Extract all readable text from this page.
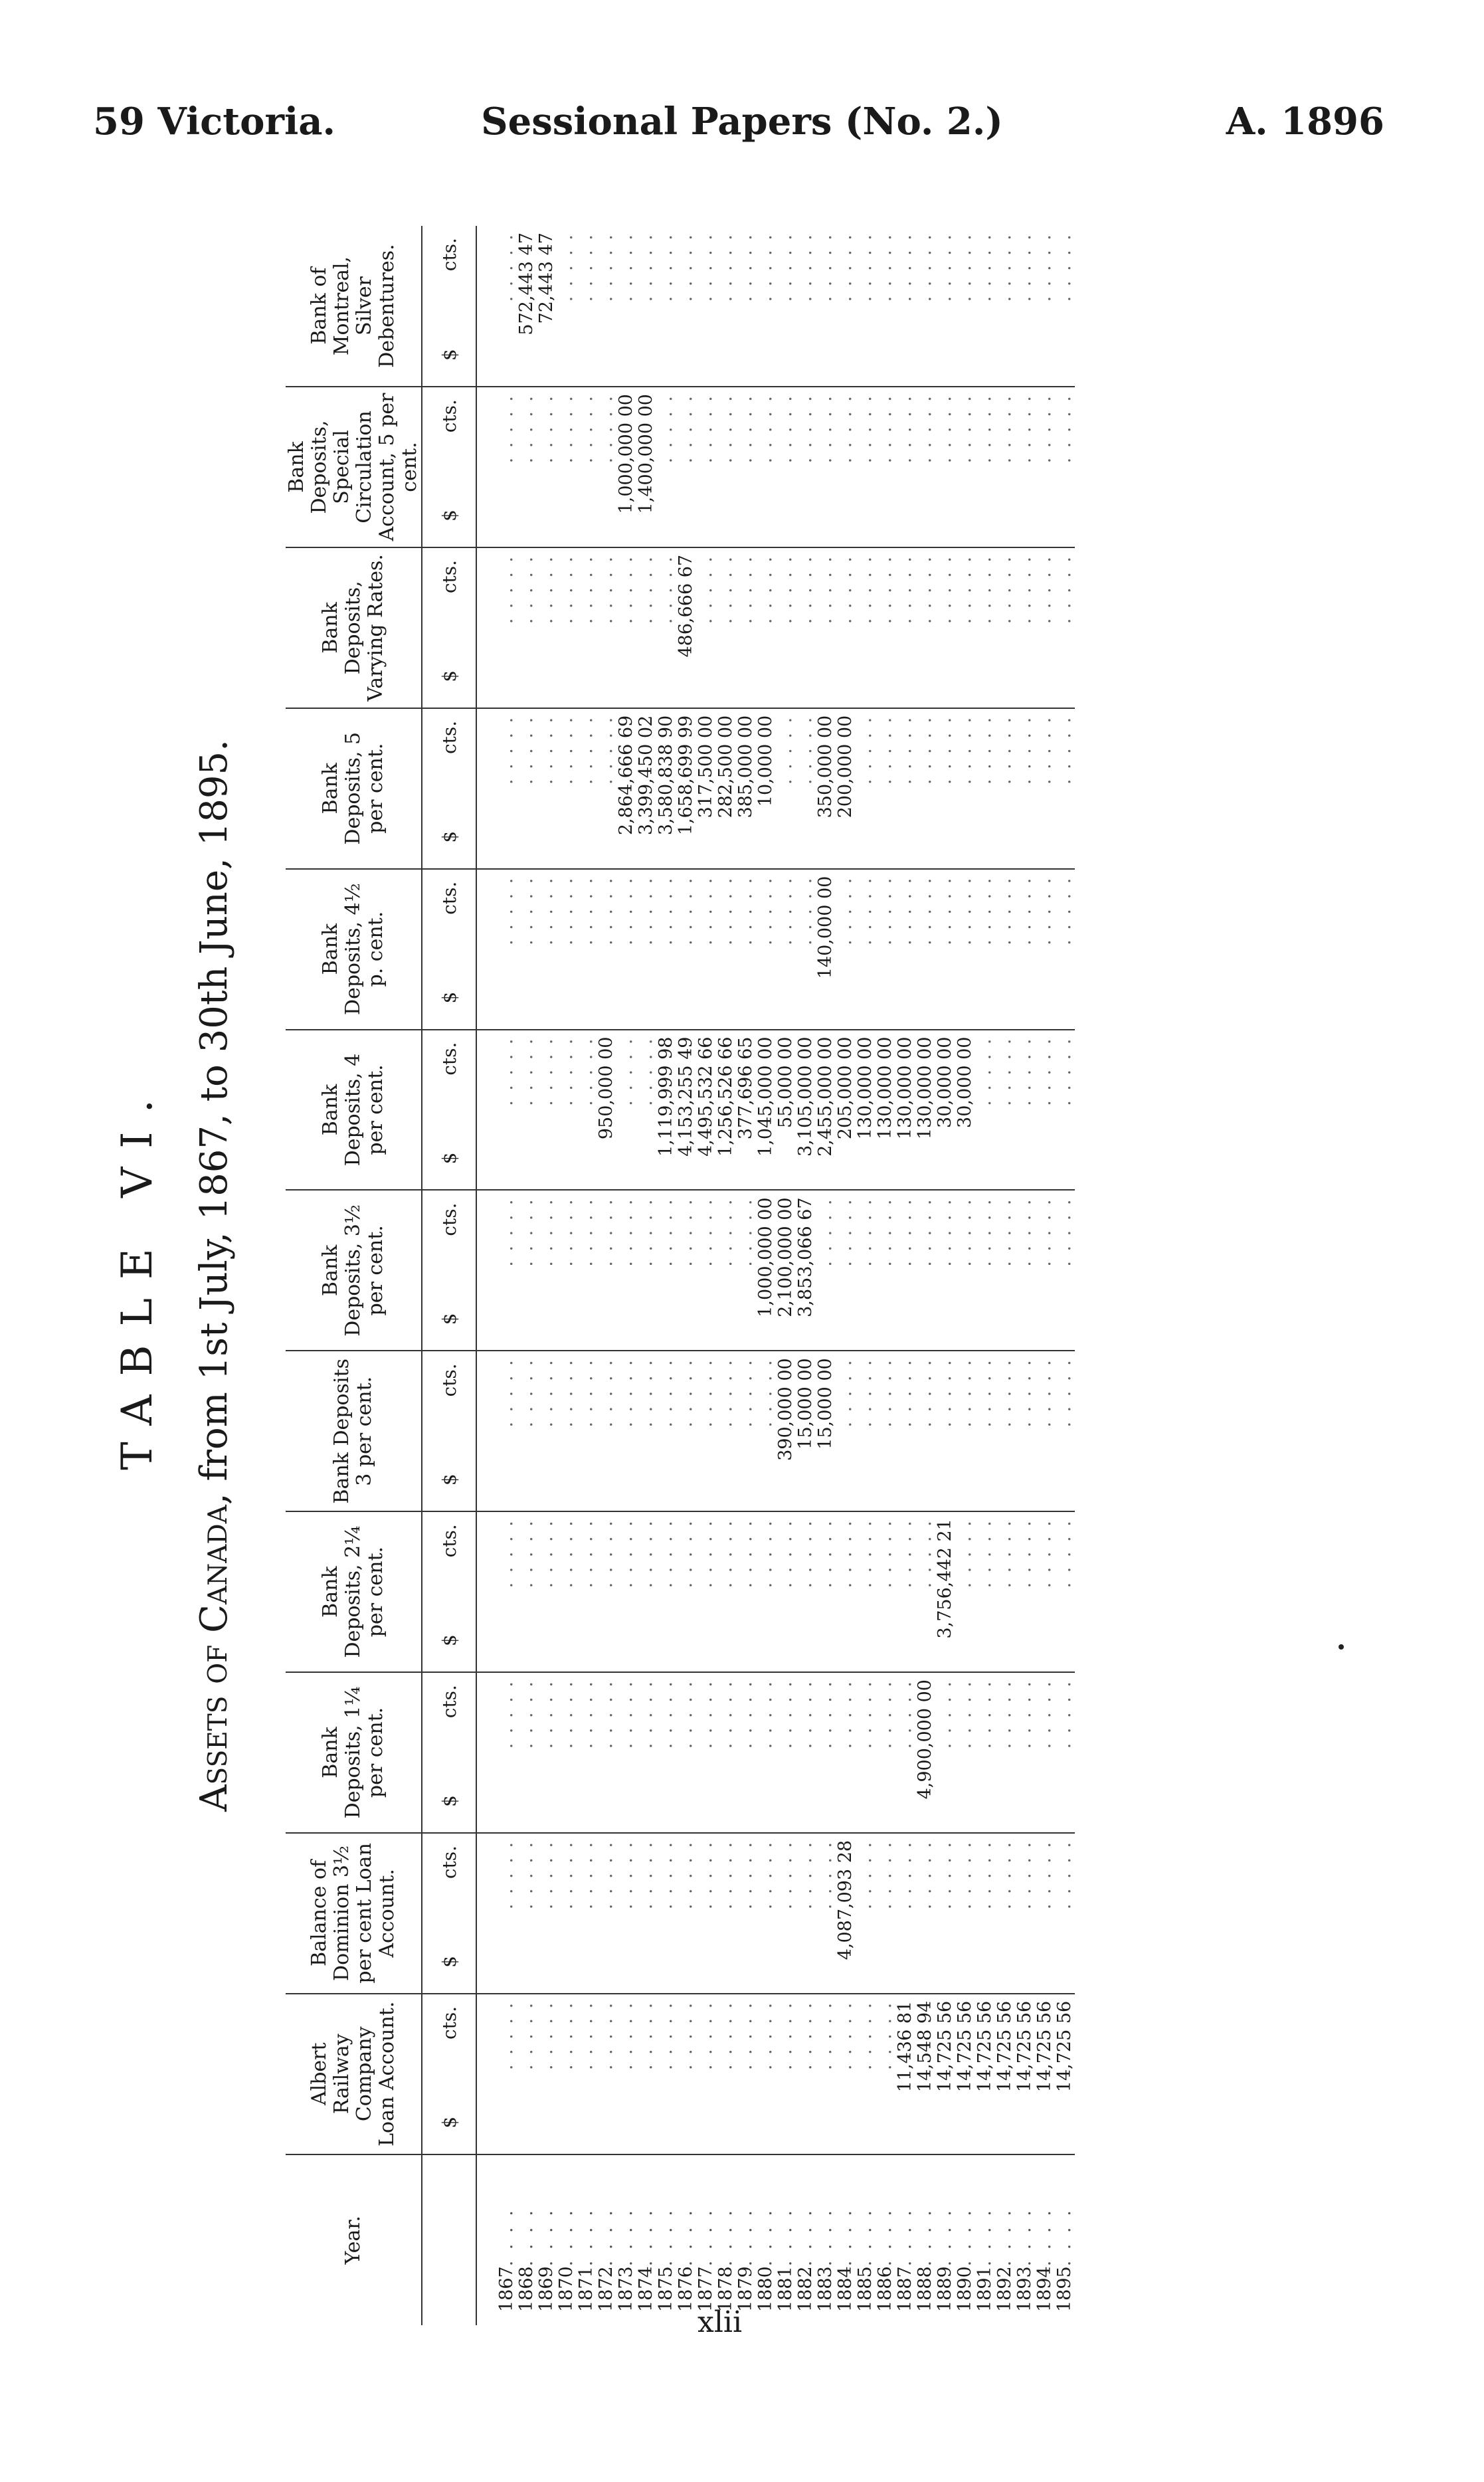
59 Victoria.	Sessional Papers (No. 2.)	A. 1896
TABLE VI.
Assets of Canada, from 1st July, 1867, to 30th June, 1895.
Year.	Albert Railway Company Loan Account.	Balance of Dominion 3½ per cent Loan Account.	Bank Deposits, 1¼ per cent.	Bank Deposits, 2¼ per cent.	Bank Deposits 3 per cent.	Bank Deposits, 3½ per cent.	Bank Deposits, 4 per cent.	Bank Deposits, 4½ p. cent.	Bank Deposits, 5 per cent.	Bank Deposits, Varying Rates.	Bank Deposits, Special Circulation Account, 5 per cent.	Bank of Montreal, Silver Debentures.

	$
cts.	$
cts.	$
cts.	$
cts.	$
cts.	$
cts.	$
cts.	$
cts.	$
cts.	$
cts.	$
cts.	$
cts.

1867. . . .	. . . . .	. . . . .	. . . . .	. . . . .	. . . . .	. . . . .	. . . . .	. . . . .	. . . . .	. . . . .	. . . . .	. . . . .
1868. . . .	. . . . .	. . . . .	. . . . .	. . . . .	. . . . .	. . . . .	. . . . .	. . . . .	. . . . .	. . . . .	. . . . .	572,443 47
1869. . . .	. . . . .	. . . . .	. . . . .	. . . . .	. . . . .	. . . . .	. . . . .	. . . . .	. . . . .	. . . . .	. . . . .	72,443 47
1870. . . .	. . . . .	. . . . .	. . . . .	. . . . .	. . . . .	. . . . .	. . . . .	. . . . .	. . . . .	. . . . .	. . . . .	. . . . .
1871. . . .	. . . . .	. . . . .	. . . . .	. . . . .	. . . . .	. . . . .	. . . . .	. . . . .	. . . . .	. . . . .	. . . . .	. . . . .
1872. . . .	. . . . .	. . . . .	. . . . .	. . . . .	. . . . .	. . . . .	950,000 00	. . . . .	. . . . .	. . . . .	. . . . .	. . . . .
1873. . . .	. . . . .	. . . . .	. . . . .	. . . . .	. . . . .	. . . . .	. . . . .	. . . . .	2,864,666 69	. . . . .	1,000,000 00	. . . . .
1874. . . .	. . . . .	. . . . .	. . . . .	. . . . .	. . . . .	. . . . .	. . . . .	. . . . .	3,399,450 02	. . . . .	1,400,000 00	. . . . .
1875. . . .	. . . . .	. . . . .	. . . . .	. . . . .	. . . . .	. . . . .	1,119,999 98	. . . . .	3,580,838 90	. . . . .	. . . . .	. . . . .
1876. . . .	. . . . .	. . . . .	. . . . .	. . . . .	. . . . .	. . . . .	4,153,255 49	. . . . .	1,658,699 99	486,666 67	. . . . .	. . . . .
1877. . . .	. . . . .	. . . . .	. . . . .	. . . . .	. . . . .	. . . . .	4,495,532 66	. . . . .	317,500 00	. . . . .	. . . . .	. . . . .
1878. . . .	. . . . .	. . . . .	. . . . .	. . . . .	. . . . .	. . . . .	1,256,526 66	. . . . .	282,500 00	. . . . .	. . . . .	. . . . .
1879. . . .	. . . . .	. . . . .	. . . . .	. . . . .	. . . . .	. . . . .	377,696 65	. . . . .	385,000 00	. . . . .	. . . . .	. . . . .
1880. . . .	. . . . .	. . . . .	. . . . .	. . . . .	. . . . .	1,000,000 00	1,045,000 00	. . . . .	10,000 00	. . . . .	. . . . .	. . . . .
1881. . . .	. . . . .	. . . . .	. . . . .	. . . . .	390,000 00	2,100,000 00	55,000 00	. . . . .	. . . . .	. . . . .	. . . . .	. . . . .
1882. . . .	. . . . .	. . . . .	. . . . .	. . . . .	15,000 00	3,853,066 67	3,105,000 00	. . . . .	. . . . .	. . . . .	. . . . .	. . . . .
1883. . . .	. . . . .	. . . . .	. . . . .	. . . . .	15,000 00	. . . . .	2,455,000 00	140,000 00	350,000 00	. . . . .	. . . . .	. . . . .
1884. . . .	. . . . .	4,087,093 28	. . . . .	. . . . .	. . . . .	. . . . .	205,000 00	. . . . .	200,000 00	. . . . .	. . . . .	. . . . .
1885. . . .	. . . . .	. . . . .	. . . . .	. . . . .	. . . . .	. . . . .	130,000 00	. . . . .	. . . . .	. . . . .	. . . . .	. . . . .
1886. . . .	. . . . .	. . . . .	. . . . .	. . . . .	. . . . .	. . . . .	130,000 00	. . . . .	. . . . .	. . . . .	. . . . .	. . . . .
1887. . . .	11,436 81	. . . . .	. . . . .	. . . . .	. . . . .	. . . . .	130,000 00	. . . . .	. . . . .	. . . . .	. . . . .	. . . . .
1888. . . .	14,548 94	. . . . .	4,900,000 00	. . . . .	. . . . .	. . . . .	130,000 00	. . . . .	. . . . .	. . . . .	. . . . .	. . . . .
1889. . . .	14,725 56	. . . . .	. . . . .	3,756,442 21	. . . . .	. . . . .	30,000 00	. . . . .	. . . . .	. . . . .	. . . . .	. . . . .
1890. . . .	14,725 56	. . . . .	. . . . .	. . . . .	. . . . .	. . . . .	30,000 00	. . . . .	. . . . .	. . . . .	. . . . .	. . . . .
1891. . . .	14,725 56	. . . . .	. . . . .	. . . . .	. . . . .	. . . . .	. . . . .	. . . . .	. . . . .	. . . . .	. . . . .	. . . . .
1892. . . .	14,725 56	. . . . .	. . . . .	. . . . .	. . . . .	. . . . .	. . . . .	. . . . .	. . . . .	. . . . .	. . . . .	. . . . .
1893. . . .	14,725 56	. . . . .	. . . . .	. . . . .	. . . . .	. . . . .	. . . . .	. . . . .	. . . . .	. . . . .	. . . . .	. . . . .
1894. . . .	14,725 56	. . . . .	. . . . .	. . . . .	. . . . .	. . . . .	. . . . .	. . . . .	. . . . .	. . . . .	. . . . .	. . . . .
1895. . . .	14,725 56	. . . . .	. . . . .	. . . . .	. . . . .	. . . . .	. . . . .	. . . . .	. . . . .	. . . . .	. . . . .	. . . . .
xlii
